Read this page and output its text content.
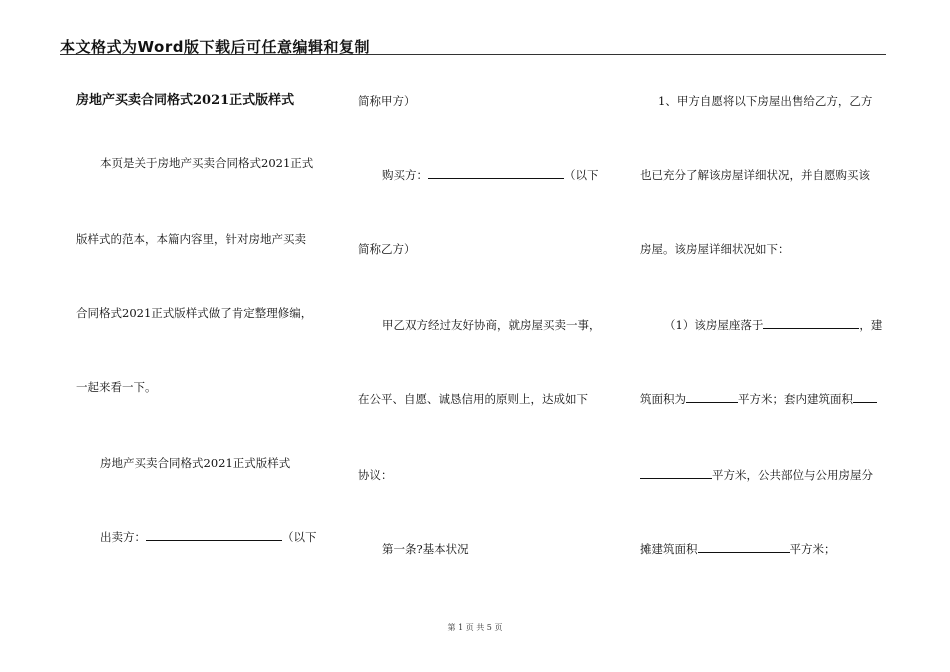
本文格式为Word版下载后可任意编辑和复制
房地产买卖合同格式2021正式版样式
本页是关于房地产买卖合同格式2021正式
版样式的范本，本篇内容里，针对房地产买卖
合同格式2021正式版样式做了肯定整理修编，
一起来看一下。
房地产买卖合同格式2021正式版样式
出卖方：	（以下
简称甲方）
购买方：	（以下
简称乙方）
甲乙双方经过友好协商，就房屋买卖一事，
在公平、自愿、诚恳信用的原则上，达成如下
协议：
第一条?基本状况
1、甲方自愿将以下房屋出售给乙方，乙方
也已充分了解该房屋详细状况，并自愿购买该
房屋。该房屋详细状况如下：
（1）该房屋座落于	，建
筑面积为	平方米；套内建筑面积
平方米，公共部位与公用房屋分
摊建筑面积	平方米；
第 1 页 共 5 页
